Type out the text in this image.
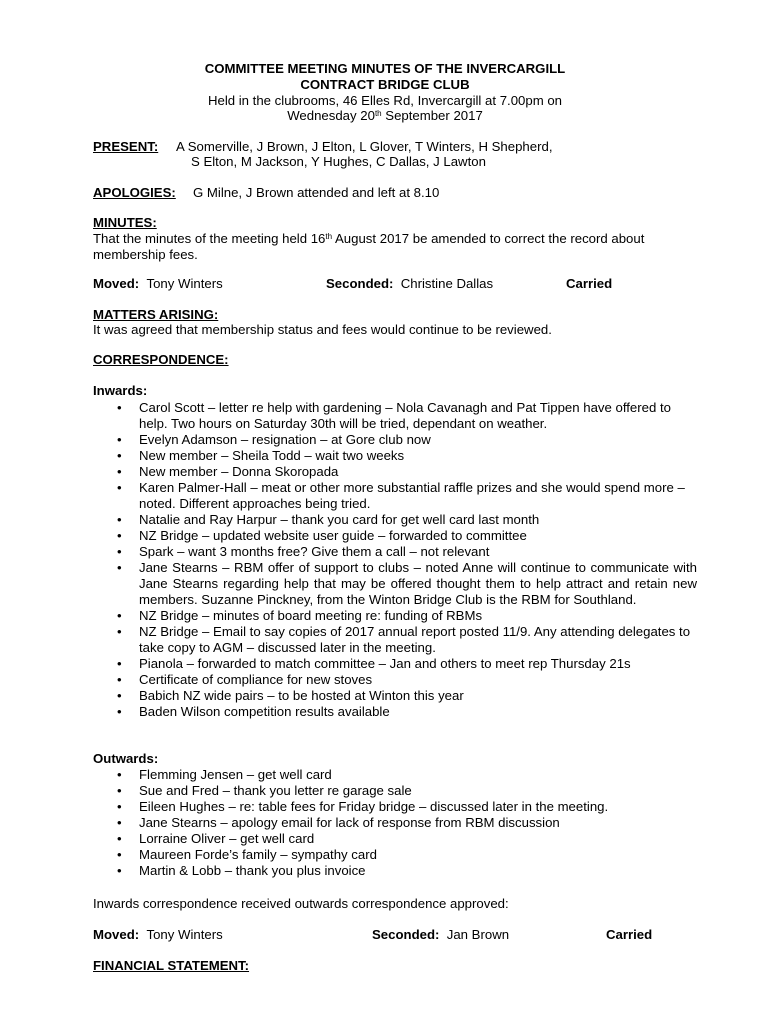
COMMITTEE MEETING MINUTES OF THE INVERCARGILL
CONTRACT BRIDGE CLUB
Held in the clubrooms, 46 Elles Rd, Invercargill at 7.00pm on
Wednesday 20th September 2017
PRESENT: A Somerville, J Brown, J Elton, L Glover, T Winters, H Shepherd,
S Elton, M Jackson, Y Hughes, C Dallas, J Lawton
APOLOGIES: G Milne, J Brown attended and left at 8.10
MINUTES:
That the minutes of the meeting held 16th August 2017 be amended to correct the record about membership fees.
Moved: Tony Winters	Seconded: Christine Dallas	Carried
MATTERS ARISING:
It was agreed that membership status and fees would continue to be reviewed.
CORRESPONDENCE:
Inwards:
• Carol Scott – letter re help with gardening – Nola Cavanagh and Pat Tippen have offered to help. Two hours on Saturday 30th will be tried, dependant on weather.
• Evelyn Adamson – resignation – at Gore club now
• New member – Sheila Todd – wait two weeks
• New member – Donna Skoropada
• Karen Palmer-Hall – meat or other more substantial raffle prizes and she would spend more – noted. Different approaches being tried.
• Natalie and Ray Harpur – thank you card for get well card last month
• NZ Bridge – updated website user guide – forwarded to committee
• Spark – want 3 months free? Give them a call – not relevant
• Jane Stearns – RBM offer of support to clubs – noted Anne will continue to communicate with Jane Stearns regarding help that may be offered thought them to help attract and retain new members. Suzanne Pinckney, from the Winton Bridge Club is the RBM for Southland.
• NZ Bridge – minutes of board meeting re: funding of RBMs
• NZ Bridge – Email to say copies of 2017 annual report posted 11/9. Any attending delegates to take copy to AGM – discussed later in the meeting.
• Pianola – forwarded to match committee – Jan and others to meet rep Thursday 21s
• Certificate of compliance for new stoves
• Babich NZ wide pairs – to be hosted at Winton this year
• Baden Wilson competition results available
Outwards:
• Flemming Jensen – get well card
• Sue and Fred – thank you letter re garage sale
• Eileen Hughes – re: table fees for Friday bridge – discussed later in the meeting.
• Jane Stearns – apology email for lack of response from RBM discussion
• Lorraine Oliver – get well card
• Maureen Forde’s family – sympathy card
• Martin & Lobb – thank you plus invoice
Inwards correspondence received outwards correspondence approved:
Moved: Tony Winters	Seconded: Jan Brown	Carried
FINANCIAL STATEMENT:
